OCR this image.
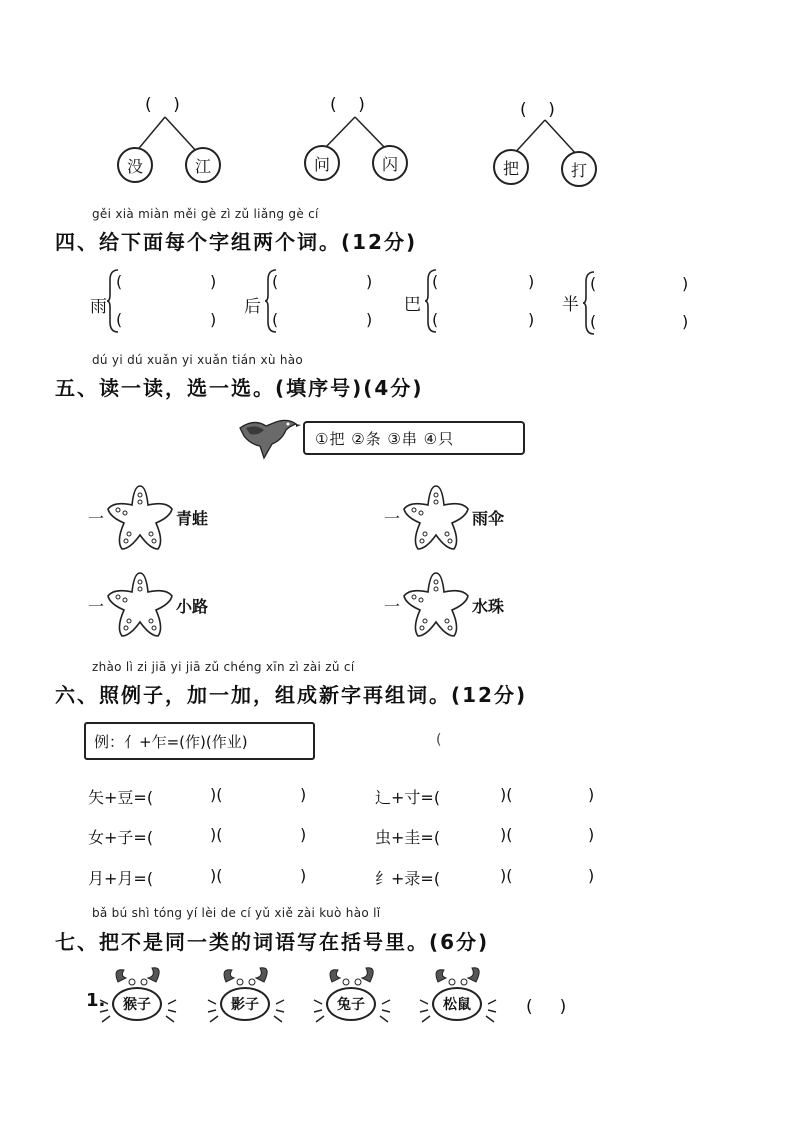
(    )
没	江
(    )
问	闪
(    )
把	打
gěi xià miàn měi gè zì zǔ liǎng gè cí
四、给下面每个字组两个词。(12分)
雨
(	)
(	)
后
(	)
(	)
巴
(	)
(	)
半
(	)
(	)
dú yi dú xuǎn yi xuǎn tián xù hào
五、读一读，选一选。(填序号)(4分)
①把 ②条 ③串 ④只
一	青蛙	一	雨伞
一	小路	一	水珠
zhào lì zi jiā yi jiā zǔ chéng xīn zì zài zǔ cí
六、照例子，加一加，组成新字再组词。(12分)
例：亻+乍=(作)(作业)	(
矢+豆=(	)(	)	辶+寸=(	)(	)
女+子=(	)(	)	虫+圭=(	)(	)
月+月=(	)(	)	纟+录=(	)(	)
bǎ bú shì tóng yí lèi de cí yǔ xiě zài kuò hào lǐ
七、把不是同一类的词语写在括号里。(6分)
1. 猴子	影子	兔子	松鼠	(     )
